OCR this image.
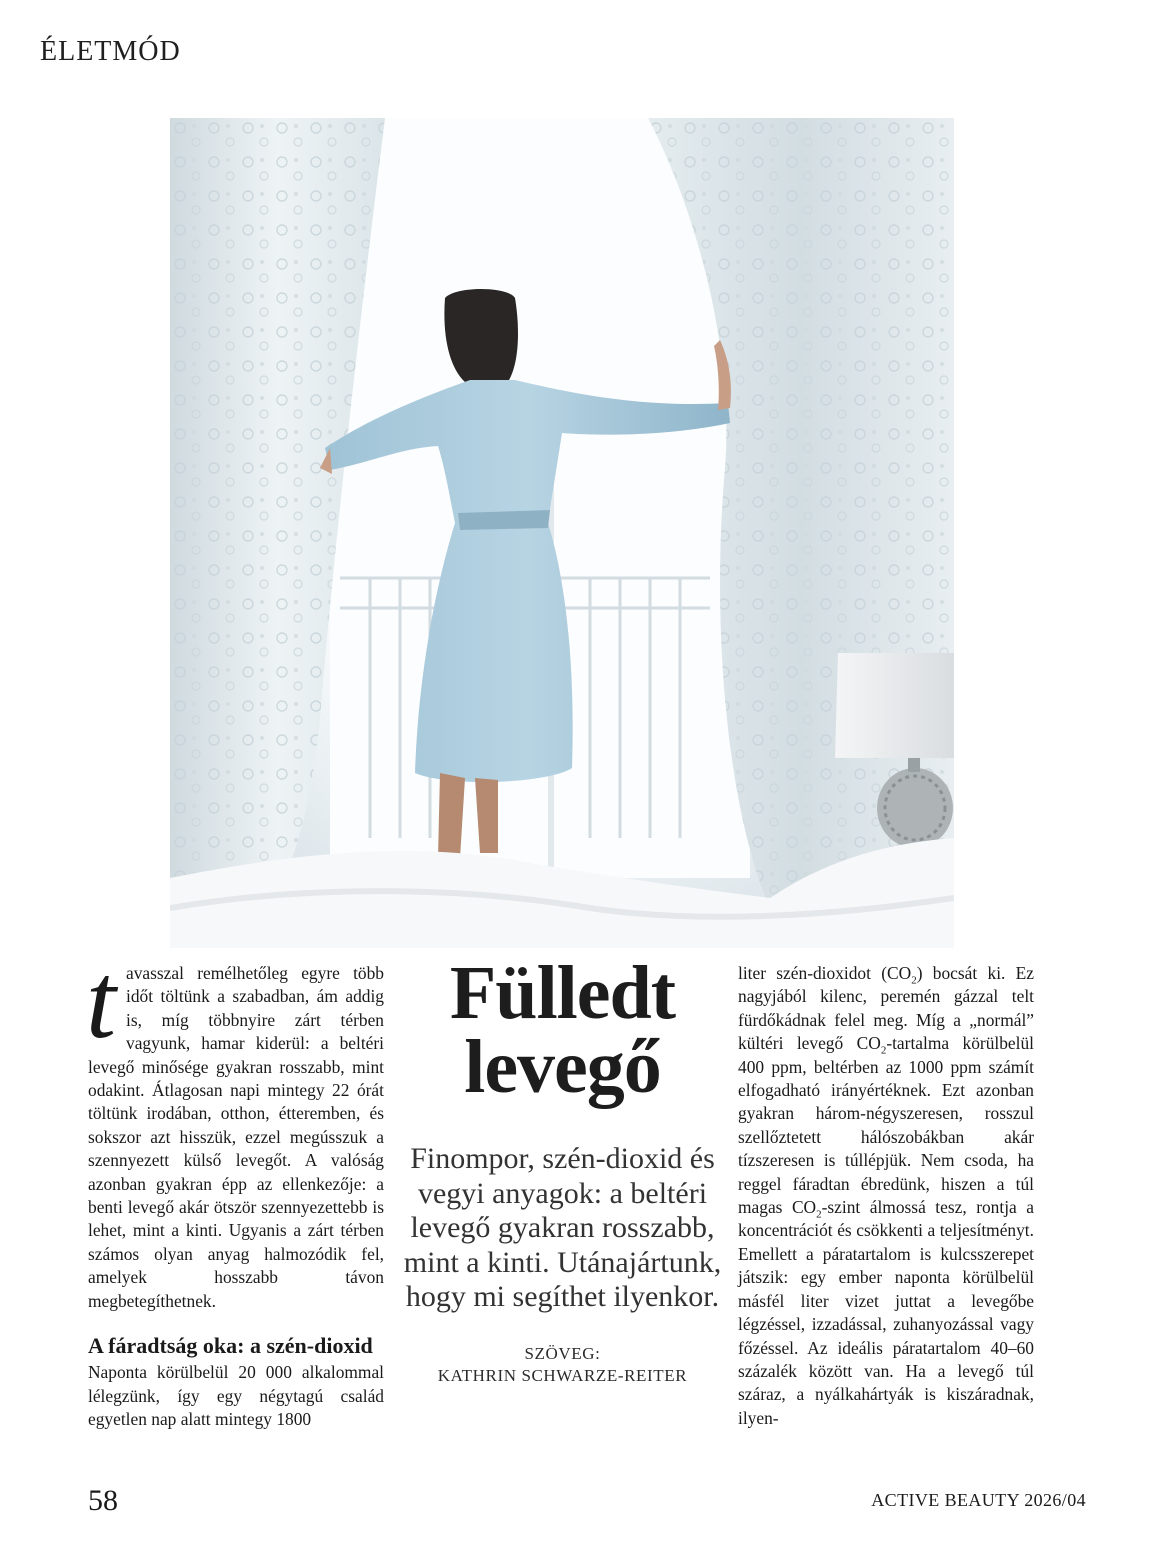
ÉLETMÓD
tavasszal remélhetőleg egyre több időt töltünk a szabadban, ám addig is, míg többnyire zárt térben vagyunk, hamar kiderül: a beltéri levegő minősége gyakran rosszabb, mint odakint. Átlagosan napi mintegy 22 órát töltünk irodában, otthon, étteremben, és sokszor azt hisszük, ezzel megússzuk a szennyezett külső levegőt. A valóság azonban gyakran épp az ellenkezője: a benti levegő akár ötször szennyezettebb is lehet, mint a kinti. Ugyanis a zárt térben számos olyan anyag halmozódik fel, amelyek hosszabb távon megbetegíthetnek.
A fáradtság oka: a szén-dioxid
Naponta körülbelül 20 000 alkalommal lélegzünk, így egy négytagú család egyetlen nap alatt mintegy 1800
Fülledt
levegő
Finompor, szén-dioxid és vegyi anyagok: a beltéri levegő gyakran rosszabb, mint a kinti. Utánajártunk, hogy mi segíthet ilyenkor.
SZÖVEG:
KATHRIN SCHWARZE-REITER
liter szén-dioxidot $(CO_2)$ bocsát ki. Ez nagyjából kilenc, peremén gázzal telt fürdőkádnak felel meg. Míg a „normál” kültéri levegő $CO_2$-tartalma körülbelül 400 ppm, beltérben az 1000 ppm számít elfogadható irányértéknek. Ezt azonban gyakran három-négyszeresen, rosszul szellőztetett hálószobákban akár tízszeresen is túllépjük. Nem csoda, ha reggel fáradtan ébredünk, hiszen a túl magas $CO_2$-szint álmossá tesz, rontja a koncentrációt és csökkenti a teljesítményt. Emellett a páratartalom is kulcsszerepet játszik: egy ember naponta körülbelül másfél liter vizet juttat a levegőbe légzéssel, izzadással, zuhanyozással vagy főzéssel. Az ideális páratartalom 40–60 százalék között van. Ha a levegő túl száraz, a nyálkahártyák is kiszáradnak, ilyen-
58	ACTIVE BEAUTY 2026/04
